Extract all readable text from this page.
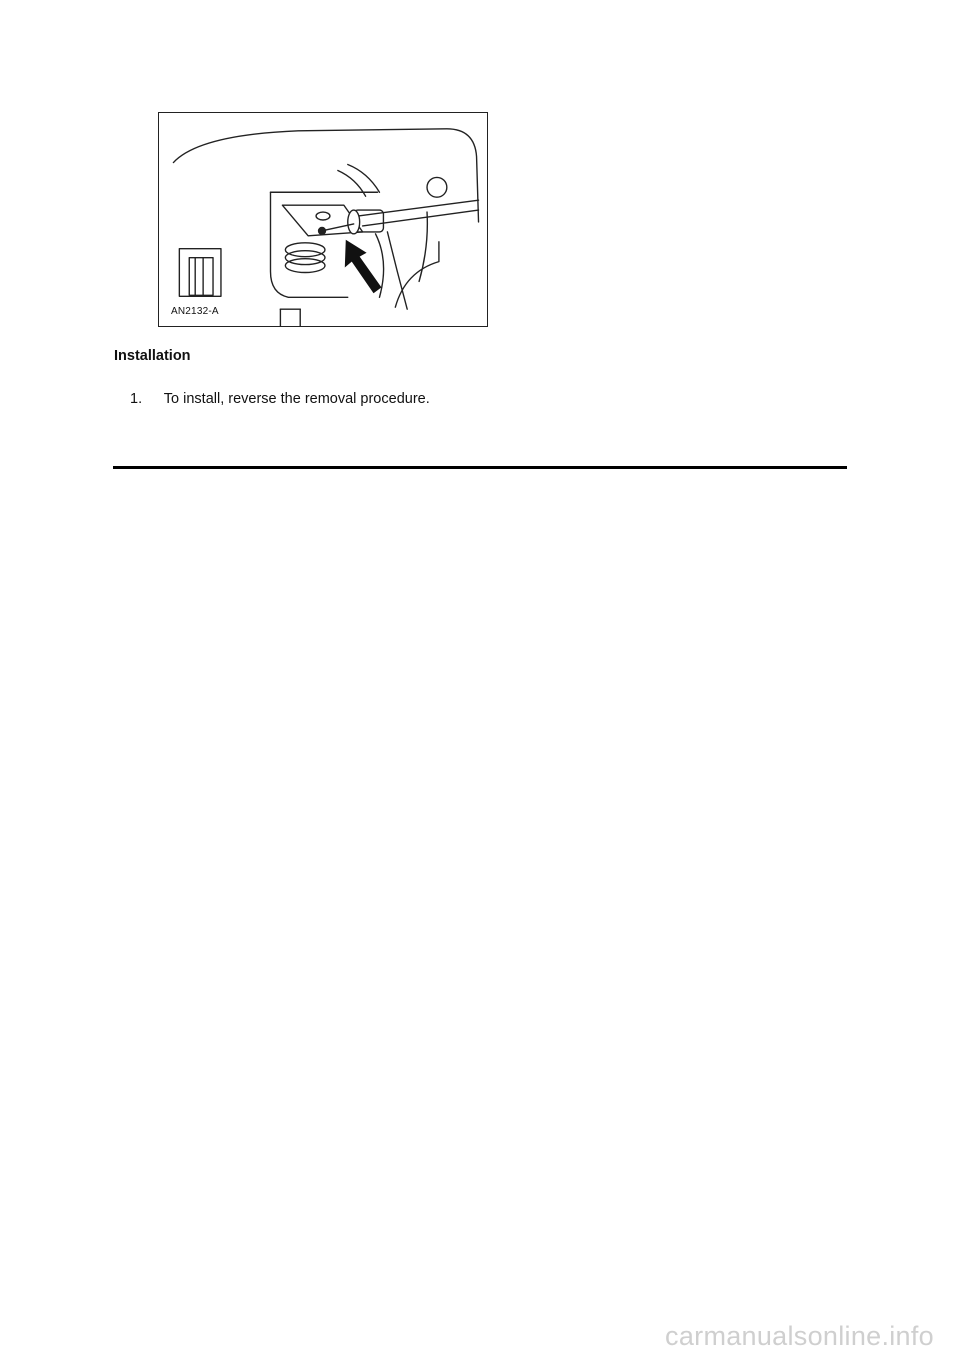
AN2132-A
Installation
1. To install, reverse the removal procedure.
carmanualsonline.info
